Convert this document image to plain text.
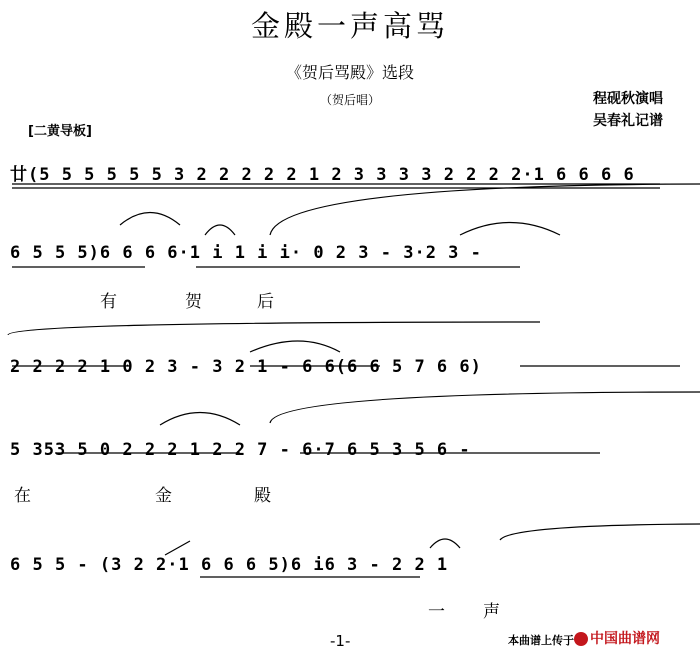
金殿一声高骂
《贺后骂殿》选段
（贺后唱）	程砚秋演唱
吴春礼记谱
[二黄导板]
廿(5 5 5 5 5 5 3 2 2 2 2 2 1 2 3 3 3 3 2 2 2 2·1 6 6 6 6
6 5 5 5)6 6 6 6·1 i 1 i i· 0 2 3 - 3·2 3 -
有	贺	后
2 2 2 2 1 0 2 3 - 3 2 1 - 6 6(6 6 5 7 6 6)
5 353 5 0 2 2 2 1 2 2 7 - 6·7 6 5 3 5 6 -
在	金	殿
6 5 5 - (3 2 2·1 6 6 6 5)6 i6 3 - 2 2 1
一 声
-1-	本曲谱上传于	中国曲谱网
